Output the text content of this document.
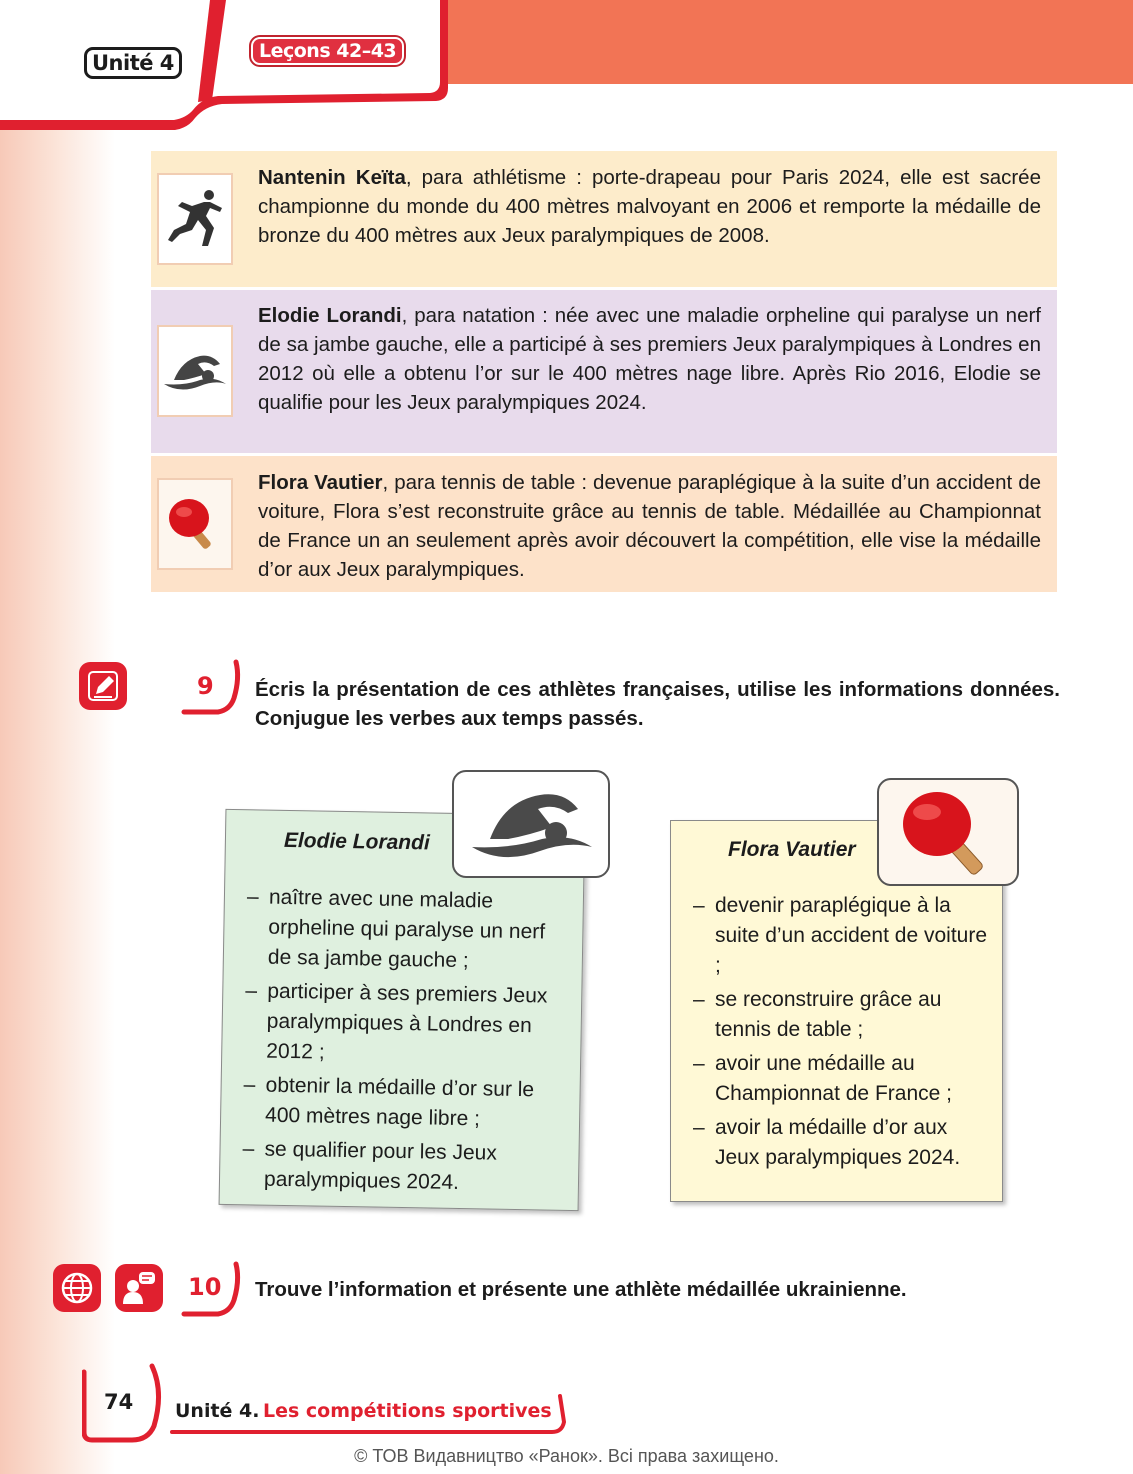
Unité 4	Leçons 42–43
Nantenin Keïta, para athlétisme : porte-drapeau pour Paris 2024, elle est sacrée championne du monde du 400 mètres malvoyant en 2006 et remporte la médaille de bronze du 400 mètres aux Jeux paralympiques de 2008.
Elodie Lorandi, para natation : née avec une maladie orpheline qui paralyse un nerf de sa jambe gauche, elle a participé à ses premiers Jeux paralympiques à Londres en 2012 où elle a obtenu l’or sur le 400 mètres nage libre. Après Rio 2016, Elodie se qualifie pour les Jeux paralympiques 2024.
Flora Vautier, para tennis de table : devenue paraplégique à la suite d’un accident de voiture, Flora s’est reconstruite grâce au tennis de table. Médaillée au Championnat de France un an seulement après avoir découvert la compétition, elle vise la médaille d’or aux Jeux paralympiques.
9 Écris la présentation de ces athlètes françaises, utilise les informations données. Conjugue les verbes aux temps passés.
Elodie Lorandi
– naître avec une maladie orpheline qui paralyse un nerf de sa jambe gauche ;
– participer à ses premiers Jeux paralympiques à Londres en 2012 ;
– obtenir la médaille d’or sur le 400 mètres nage libre ;
– se qualifier pour les Jeux paralympiques 2024.
Flora Vautier
– devenir paraplégique à la suite d’un accident de voiture ;
– se reconstruire grâce au tennis de table ;
– avoir une médaille au Championnat de France ;
– avoir la médaille d’or aux Jeux paralympiques 2024.
10 Trouve l’information et présente une athlète médaillée ukrainienne.
74 Unité 4. Les compétitions sportives
© ТОВ Видавництво «Ранок». Всі права захищено.
